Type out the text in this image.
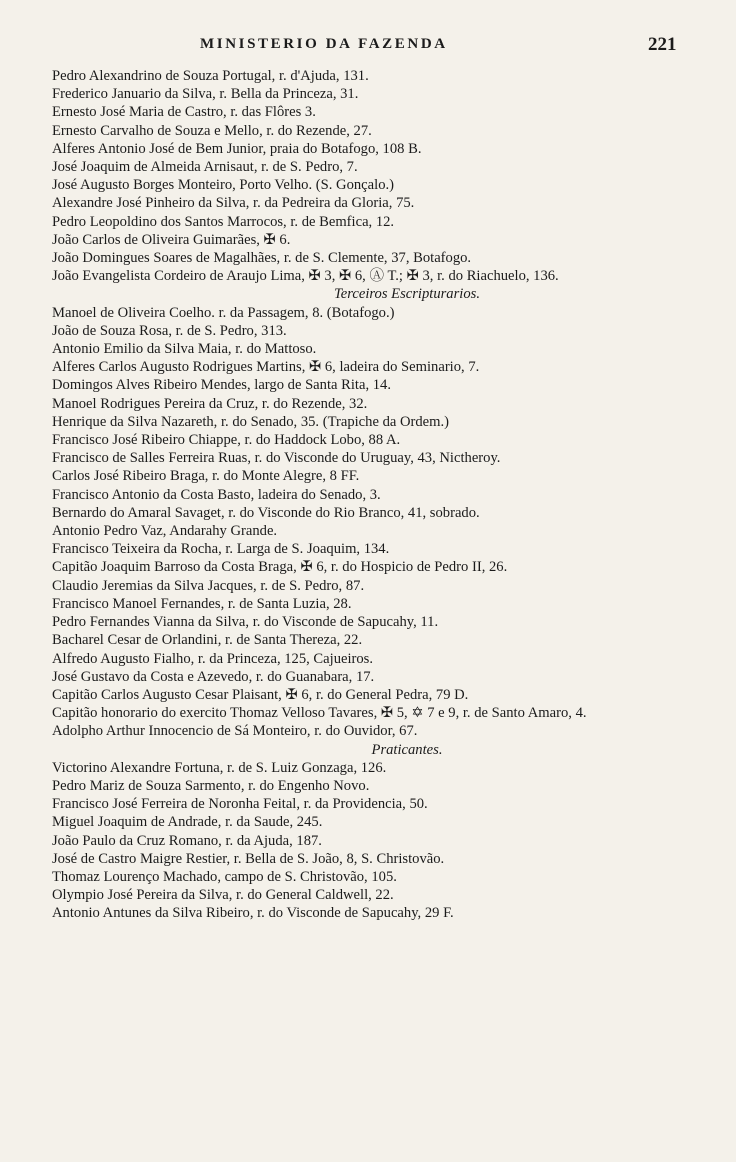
MINISTERIO DA FAZENDA	221

Pedro Alexandrino de Souza Portugal, r. d'Ajuda, 131.

Frederico Januario da Silva, r. Bella da Princeza, 31.

Ernesto José Maria de Castro, r. das Flôres 3.

Ernesto Carvalho de Souza e Mello, r. do Rezende, 27.

Alferes Antonio José de Bem Junior, praia do Botafogo, 108 B.

José Joaquim de Almeida Arnisaut, r. de S. Pedro, 7.

José Augusto Borges Monteiro, Porto Velho. (S. Gonçalo.)

Alexandre José Pinheiro da Silva, r. da Pedreira da Gloria, 75.

Pedro Leopoldino dos Santos Marrocos, r. de Bemfica, 12.

João Carlos de Oliveira Guimarães, ✠ 6.

João Domingues Soares de Magalhães, r. de S. Clemente, 37, Botafogo.

João Evangelista Cordeiro de Araujo Lima, ✠ 3, ✠ 6, Ⓐ T.; ✠ 3, r. do Riachuelo, 136.

Terceiros Escripturarios.

Manoel de Oliveira Coelho. r. da Passagem, 8. (Botafogo.)

João de Souza Rosa, r. de S. Pedro, 313.

Antonio Emilio da Silva Maia, r. do Mattoso.

Alferes Carlos Augusto Rodrigues Martins, ✠ 6, ladeira do Seminario, 7.

Domingos Alves Ribeiro Mendes, largo de Santa Rita, 14.

Manoel Rodrigues Pereira da Cruz, r. do Rezende, 32.

Henrique da Silva Nazareth, r. do Senado, 35. (Trapiche da Ordem.)

Francisco José Ribeiro Chiappe, r. do Haddock Lobo, 88 A.

Francisco de Salles Ferreira Ruas, r. do Visconde do Uruguay, 43, Nictheroy.

Carlos José Ribeiro Braga, r. do Monte Alegre, 8 FF.

Francisco Antonio da Costa Basto, ladeira do Senado, 3.

Bernardo do Amaral Savaget, r. do Visconde do Rio Branco, 41, sobrado.

Antonio Pedro Vaz, Andarahy Grande.

Francisco Teixeira da Rocha, r. Larga de S. Joaquim, 134.

Capitão Joaquim Barroso da Costa Braga, ✠ 6, r. do Hospicio de Pedro II, 26.

Claudio Jeremias da Silva Jacques, r. de S. Pedro, 87.

Francisco Manoel Fernandes, r. de Santa Luzia, 28.

Pedro Fernandes Vianna da Silva, r. do Visconde de Sapucahy, 11.

Bacharel Cesar de Orlandini, r. de Santa Thereza, 22.

Alfredo Augusto Fialho, r. da Princeza, 125, Cajueiros.

José Gustavo da Costa e Azevedo, r. do Guanabara, 17.

Capitão Carlos Augusto Cesar Plaisant, ✠ 6, r. do General Pedra, 79 D.

Capitão honorario do exercito Thomaz Velloso Tavares, ✠ 5, ✡ 7 e 9, r. de Santo Amaro, 4.

Adolpho Arthur Innocencio de Sá Monteiro, r. do Ouvidor, 67.

Praticantes.

Victorino Alexandre Fortuna, r. de S. Luiz Gonzaga, 126.

Pedro Mariz de Souza Sarmento, r. do Engenho Novo.

Francisco José Ferreira de Noronha Feital, r. da Providencia, 50.

Miguel Joaquim de Andrade, r. da Saude, 245.

João Paulo da Cruz Romano, r. da Ajuda, 187.

José de Castro Maigre Restier, r. Bella de S. João, 8, S. Christovão.

Thomaz Lourenço Machado, campo de S. Christovão, 105.

Olympio José Pereira da Silva, r. do General Caldwell, 22.

Antonio Antunes da Silva Ribeiro, r. do Visconde de Sapucahy, 29 F.
